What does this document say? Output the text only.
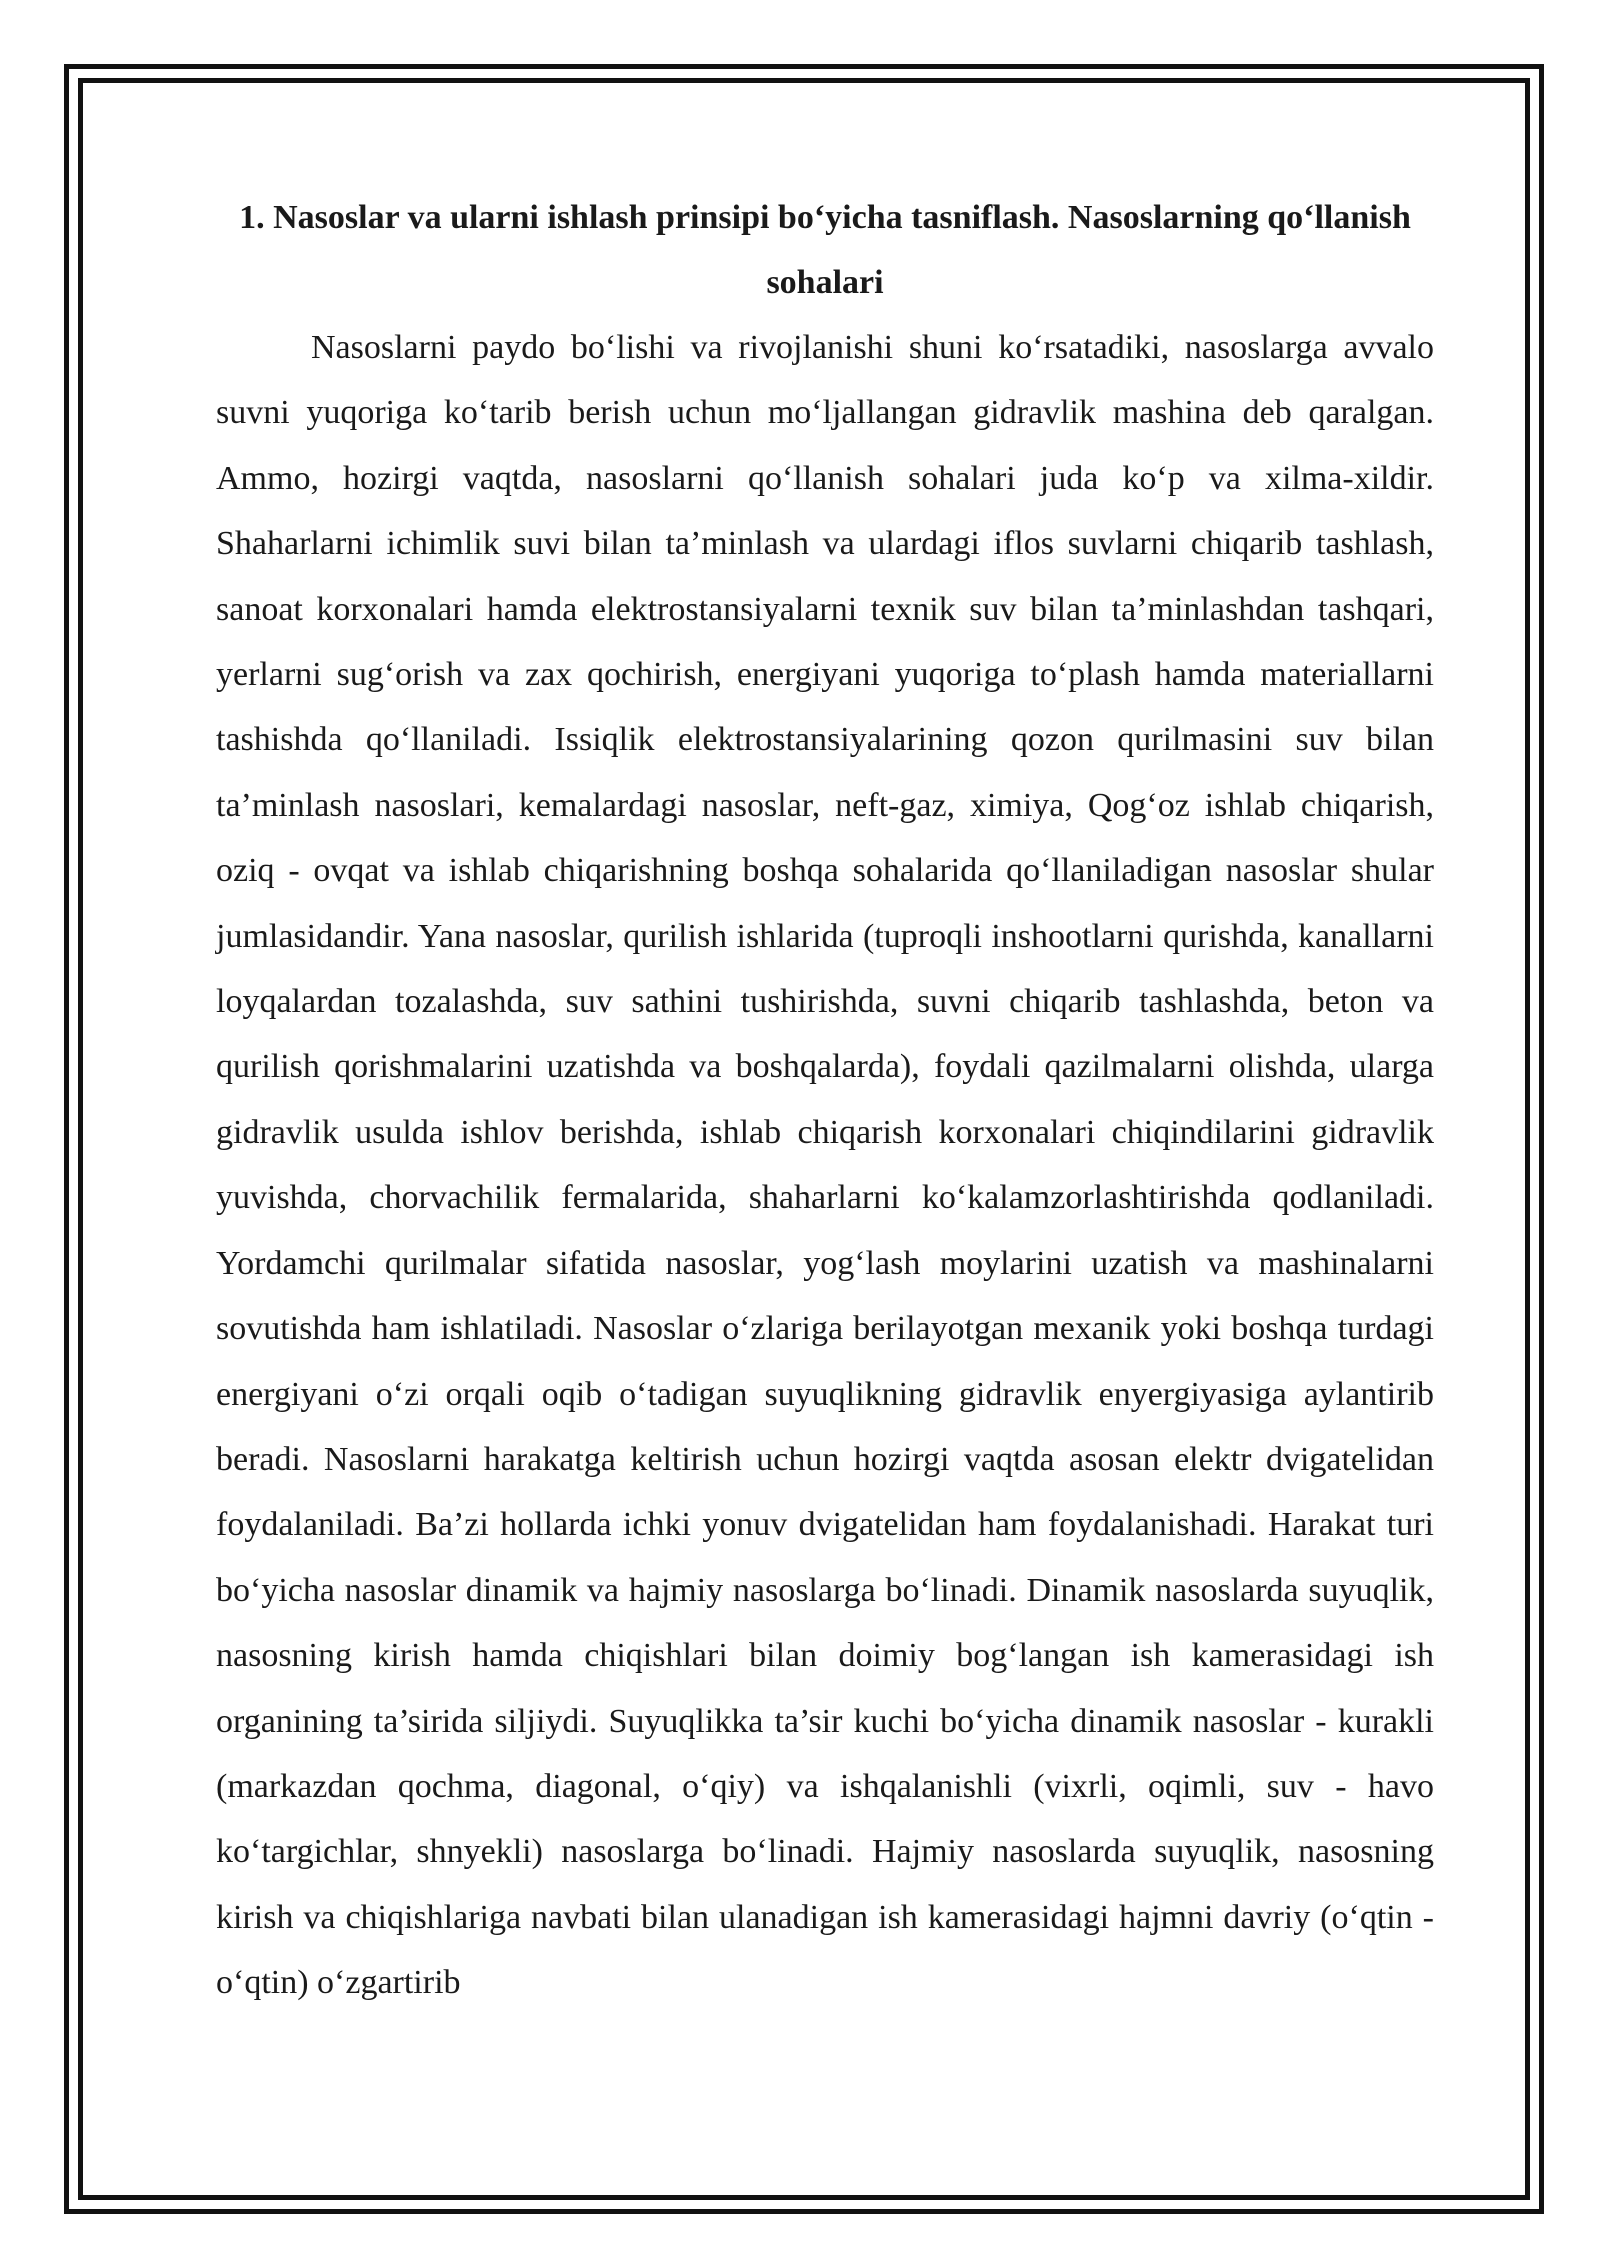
1. Nasoslar va ularni ishlash prinsipi bo‘yicha tasniflash. Nasoslarning qo‘llanish sohalari

Nasoslarni paydo bo‘lishi va rivojlanishi shuni ko‘rsatadiki, nasoslarga avvalo suvni yuqoriga ko‘tarib berish uchun mo‘ljallangan gidravlik mashina deb qaralgan. Ammo, hozirgi vaqtda, nasoslarni qo‘llanish sohalari juda ko‘p va xilma-xildir. Shaharlarni ichimlik suvi bilan ta’minlash va ulardagi iflos suvlarni chiqarib tashlash, sanoat korxonalari hamda elektrostansiyalarni texnik suv bilan ta’minlashdan tashqari, yerlarni sug‘orish va zax qochirish, energiyani yuqoriga to‘plash hamda materiallarni tashishda qo‘llaniladi. Issiqlik elektrostansiyalarining qozon qurilmasini suv bilan ta’minlash nasoslari, kemalardagi nasoslar, neft-gaz, ximiya, Qog‘oz ishlab chiqarish, oziq - ovqat va ishlab chiqarishning boshqa sohalarida qo‘llaniladigan nasoslar shular jumlasidandir. Yana nasoslar, qurilish ishlarida (tuproqli inshootlarni qurishda, kanallarni loyqalardan tozalashda, suv sathini tushirishda, suvni chiqarib tashlashda, beton va qurilish qorishmalarini uzatishda va boshqalarda), foydali qazilmalarni olishda, ularga gidravlik usulda ishlov berishda, ishlab chiqarish korxonalari chiqindilarini gidravlik yuvishda, chorvachilik fermalarida, shaharlarni ko‘kalamzorlashtirishda qodlaniladi. Yordamchi qurilmalar sifatida nasoslar, yog‘lash moylarini uzatish va mashinalarni sovutishda ham ishlatiladi. Nasoslar o‘zlariga berilayotgan mexanik yoki boshqa turdagi energiyani o‘zi orqali oqib o‘tadigan suyuqlikning gidravlik enyergiyasiga aylantirib beradi. Nasoslarni harakatga keltirish uchun hozirgi vaqtda asosan elektr dvigatelidan foydalaniladi. Ba’zi hollarda ichki yonuv dvigatelidan ham foydalanishadi. Harakat turi bo‘yicha nasoslar dinamik va hajmiy nasoslarga bo‘linadi. Dinamik nasoslarda suyuqlik, nasosning kirish hamda chiqishlari bilan doimiy bog‘langan ish kamerasidagi ish organining ta’sirida siljiydi. Suyuqlikka ta’sir kuchi bo‘yicha dinamik nasoslar - kurakli (markazdan qochma, diagonal, o‘qiy) va ishqalanishli (vixrli, oqimli, suv - havo ko‘targichlar, shnyekli) nasoslarga bo‘linadi. Hajmiy nasoslarda suyuqlik, nasosning kirish va chiqishlariga navbati bilan ulanadigan ish kamerasidagi hajmni davriy (o‘qtin - o‘qtin) o‘zgartirib
